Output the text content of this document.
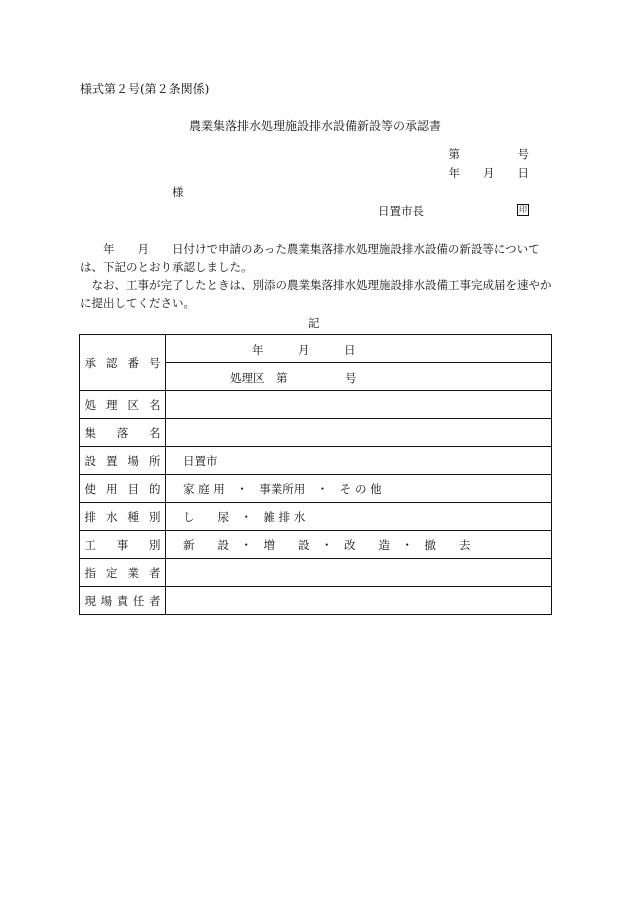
様式第２号(第２条関係)
農業集落排水処理施設排水設備新設等の承認書
第　　　　　号
年　　月　　日
様
日置市長	印
　　年　　月　　日付けで申請のあった農業集落排水処理施設排水設備の新設等については、下記のとおり承認しました。
　なお、工事が完了したときは、別添の農業集落排水処理施設排水設備工事完成届を速やかに提出してください。
記
承認番号	年　　　月　　　日
処理区　第　　　　　号

処理区名	
集落名	
設置場所	日置市
使用目的	家 庭 用　・　事業所用　・　そ の 他
排水種別	し　　尿　・　雑 排 水
工事別	新　　設　・　増　　設　・　改　　造　・　撤　　去
指定業者	
現場責任者	
